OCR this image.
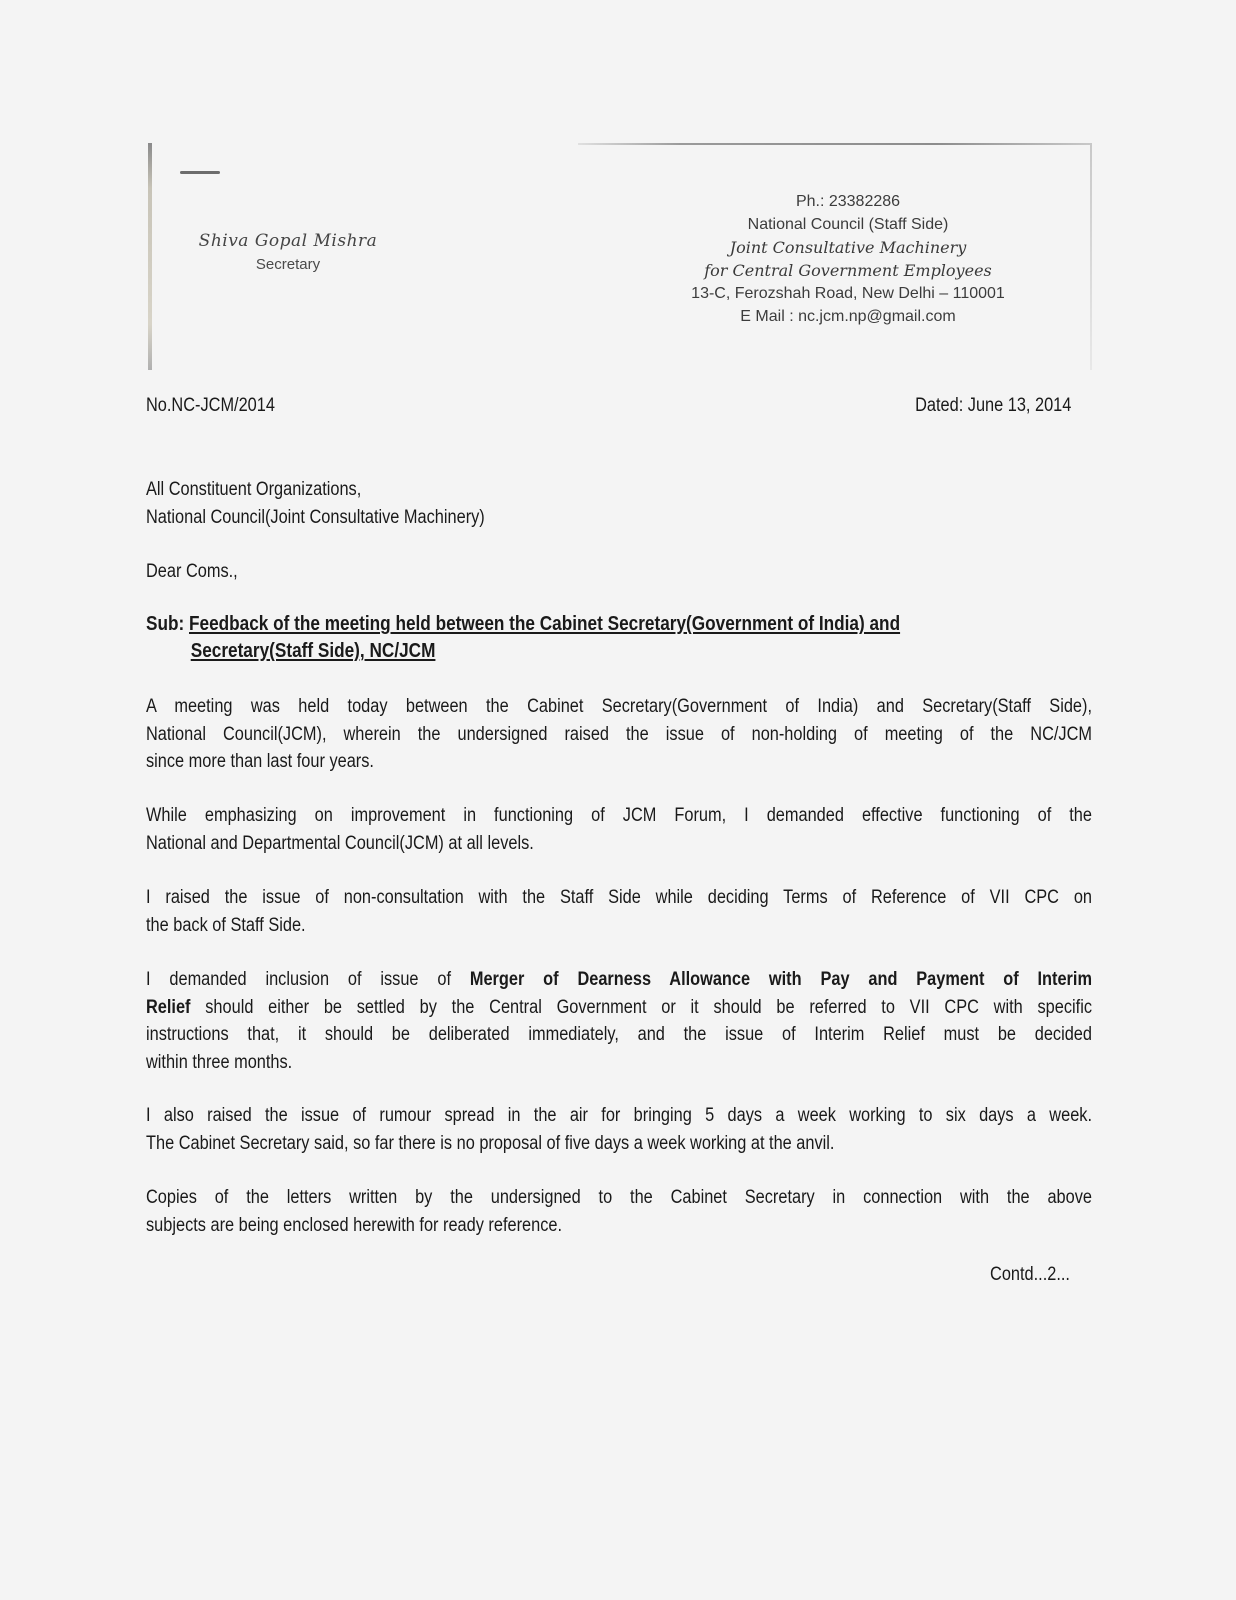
Shiva Gopal Mishra
Secretary
Ph.: 23382286
National Council (Staff Side)
Joint Consultative Machinery
for Central Government Employees
13-C, Ferozshah Road, New Delhi – 110001
E Mail : nc.jcm.np@gmail.com
No.NC-JCM/2014	Dated: June 13, 2014
All Constituent Organizations,
National Council(Joint Consultative Machinery)
Dear Coms.,
Sub: Feedback of the meeting held between the Cabinet Secretary(Government of India) and
Secretary(Staff Side), NC/JCM
A meeting was held today between the Cabinet Secretary(Government of India) and Secretary(Staff Side),
National Council(JCM), wherein the undersigned raised the issue of non-holding of meeting of the NC/JCM
since more than last four years.
While emphasizing on improvement in functioning of JCM Forum, I demanded effective functioning of the
National and Departmental Council(JCM) at all levels.
I raised the issue of non-consultation with the Staff Side while deciding Terms of Reference of VII CPC on
the back of Staff Side.
I demanded inclusion of issue of Merger of Dearness Allowance with Pay and Payment of Interim
Relief should either be settled by the Central Government or it should be referred to VII CPC with specific
instructions that, it should be deliberated immediately, and the issue of Interim Relief must be decided
within three months.
I also raised the issue of rumour spread in the air for bringing 5 days a week working to six days a week.
The Cabinet Secretary said, so far there is no proposal of five days a week working at the anvil.
Copies of the letters written by the undersigned to the Cabinet Secretary in connection with the above
subjects are being enclosed herewith for ready reference.
Contd...2...
